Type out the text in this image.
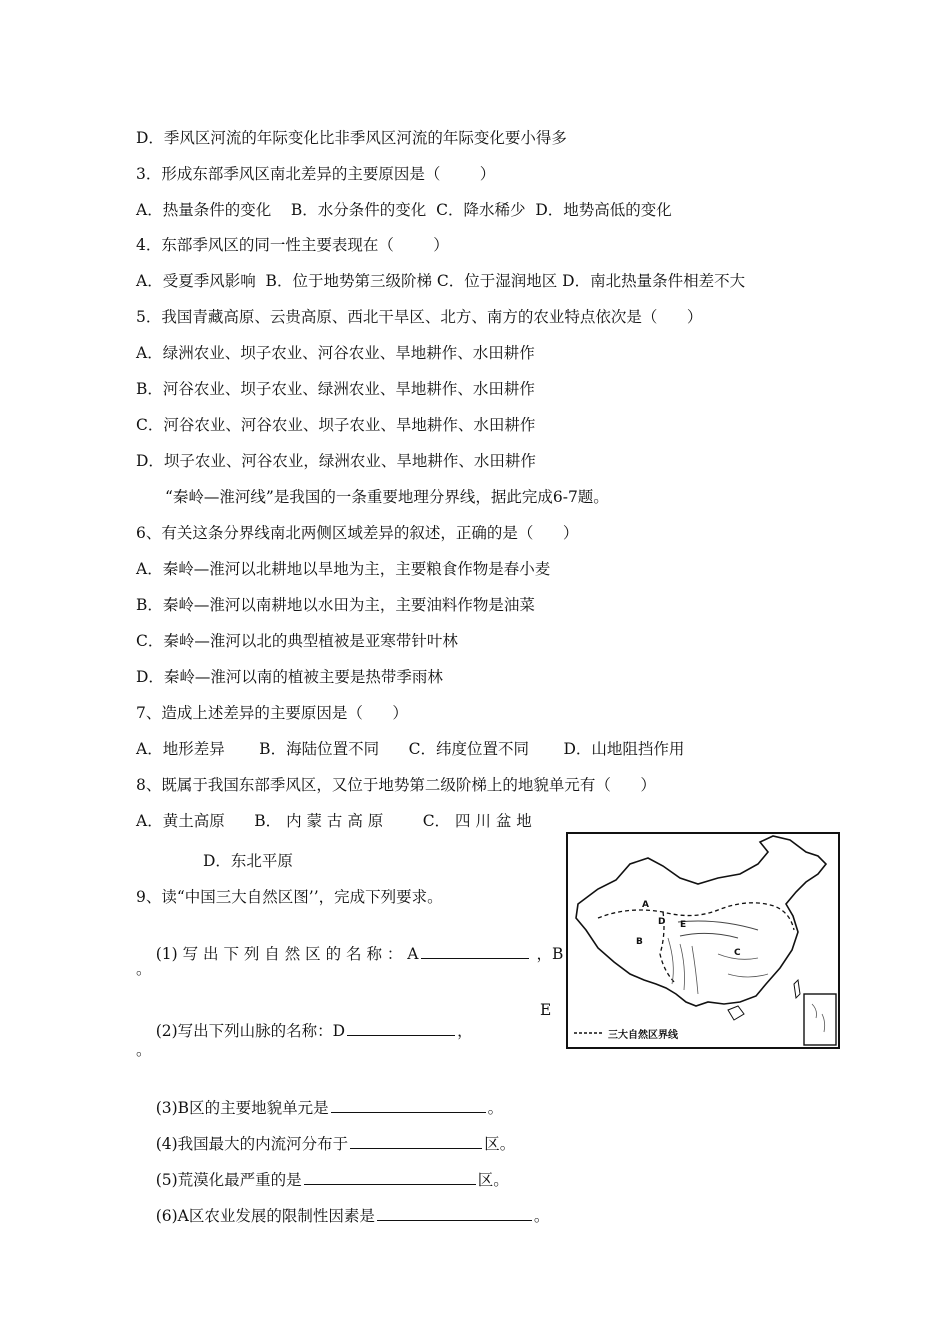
D．季风区河流的年际变化比非季风区河流的年际变化要小得多
3．形成东部季风区南北差异的主要原因是（        ）
A．热量条件的变化    B．水分条件的变化  C．降水稀少  D．地势高低的变化
4．东部季风区的同一性主要表现在（        ）
A．受夏季风影响  B．位于地势第三级阶梯 C．位于湿润地区 D．南北热量条件相差不大
5．我国青藏高原、云贵高原、西北干旱区、北方、南方的农业特点依次是（      ）
A．绿洲农业、坝子农业、河谷农业、旱地耕作、水田耕作
B．河谷农业、坝子农业、绿洲农业、旱地耕作、水田耕作
C．河谷农业、河谷农业、坝子农业、旱地耕作、水田耕作
D．坝子农业、河谷农业，绿洲农业、旱地耕作、水田耕作
“秦岭—淮河线”是我国的一条重要地理分界线，据此完成6-7题。
6、有关这条分界线南北两侧区域差异的叙述，正确的是（      ）
A．秦岭—淮河以北耕地以旱地为主，主要粮食作物是春小麦
B．秦岭—淮河以南耕地以水田为主，主要油料作物是油菜
C．秦岭—淮河以北的典型植被是亚寒带针叶林
D．秦岭—淮河以南的植被主要是热带季雨林
7、造成上述差异的主要原因是（      ）
A．地形差异       B．海陆位置不同      C．纬度位置不同       D．山地阻挡作用
8、既属于我国东部季风区，又位于地势第二级阶梯上的地貌单元有（      ）
A．黄土高原      B． 内 蒙 古 高 原        C． 四 川 盆 地
D．东北平原
9、读“中国三大自然区图’’，完成下列要求。

(1) 写 出 下 列 自 然 区 的 名 称 ： A	，B

。

(2)写出下列山脉的名称：D	，

E
。

(3)B区的主要地貌单元是	。

(4)我国最大的内流河分布于	区。

(5)荒漠化最严重的是	区。

(6)A区农业发展的限制性因素是	。

A
B
C
D E
三大自然区界线
